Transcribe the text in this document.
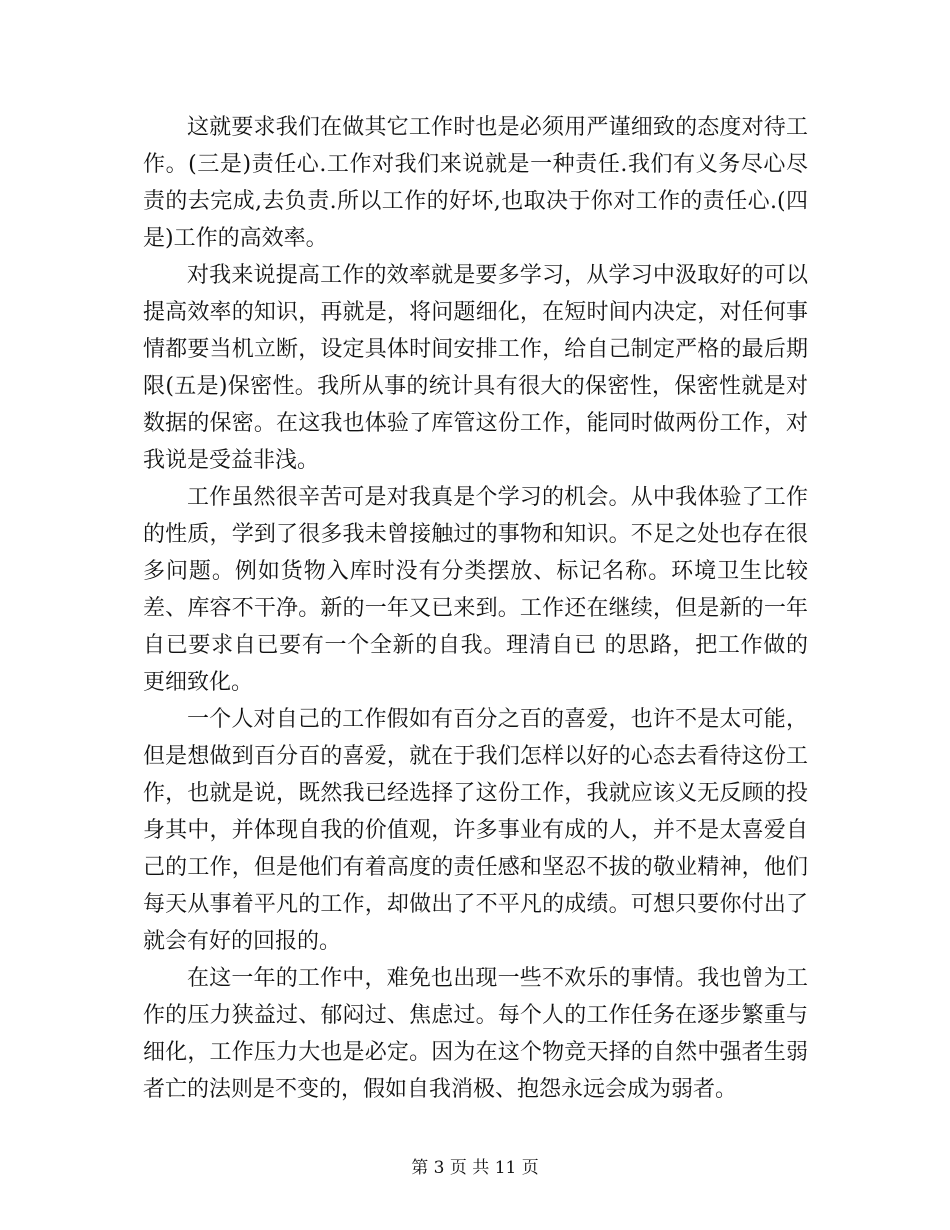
这就要求我们在做其它工作时也是必须用严谨细致的态度对待工作。(三是)责任心.工作对我们来说就是一种责任.我们有义务尽心尽责的去完成,去负责.所以工作的好坏,也取决于你对工作的责任心.(四是)工作的高效率。

对我来说提高工作的效率就是要多学习，从学习中汲取好的可以提高效率的知识，再就是，将问题细化，在短时间内决定，对任何事情都要当机立断，设定具体时间安排工作，给自己制定严格的最后期限(五是)保密性。我所从事的统计具有很大的保密性，保密性就是对数据的保密。在这我也体验了库管这份工作，能同时做两份工作，对我说是受益非浅。

工作虽然很辛苦可是对我真是个学习的机会。从中我体验了工作的性质，学到了很多我未曾接触过的事物和知识。不足之处也存在很多问题。例如货物入库时没有分类摆放、标记名称。环境卫生比较差、库容不干净。新的一年又已来到。工作还在继续，但是新的一年自已要求自已要有一个全新的自我。理清自已 的思路，把工作做的更细致化。

一个人对自己的工作假如有百分之百的喜爱，也许不是太可能，但是想做到百分百的喜爱，就在于我们怎样以好的心态去看待这份工作，也就是说，既然我已经选择了这份工作，我就应该义无反顾的投身其中，并体现自我的价值观，许多事业有成的人，并不是太喜爱自己的工作，但是他们有着高度的责任感和坚忍不拔的敬业精神，他们每天从事着平凡的工作，却做出了不平凡的成绩。可想只要你付出了就会有好的回报的。

在这一年的工作中，难免也出现一些不欢乐的事情。我也曾为工作的压力狭益过、郁闷过、焦虑过。每个人的工作任务在逐步繁重与细化，工作压力大也是必定。因为在这个物竞天择的自然中强者生弱者亡的法则是不变的，假如自我消极、抱怨永远会成为弱者。

第 3 页 共 11 页
